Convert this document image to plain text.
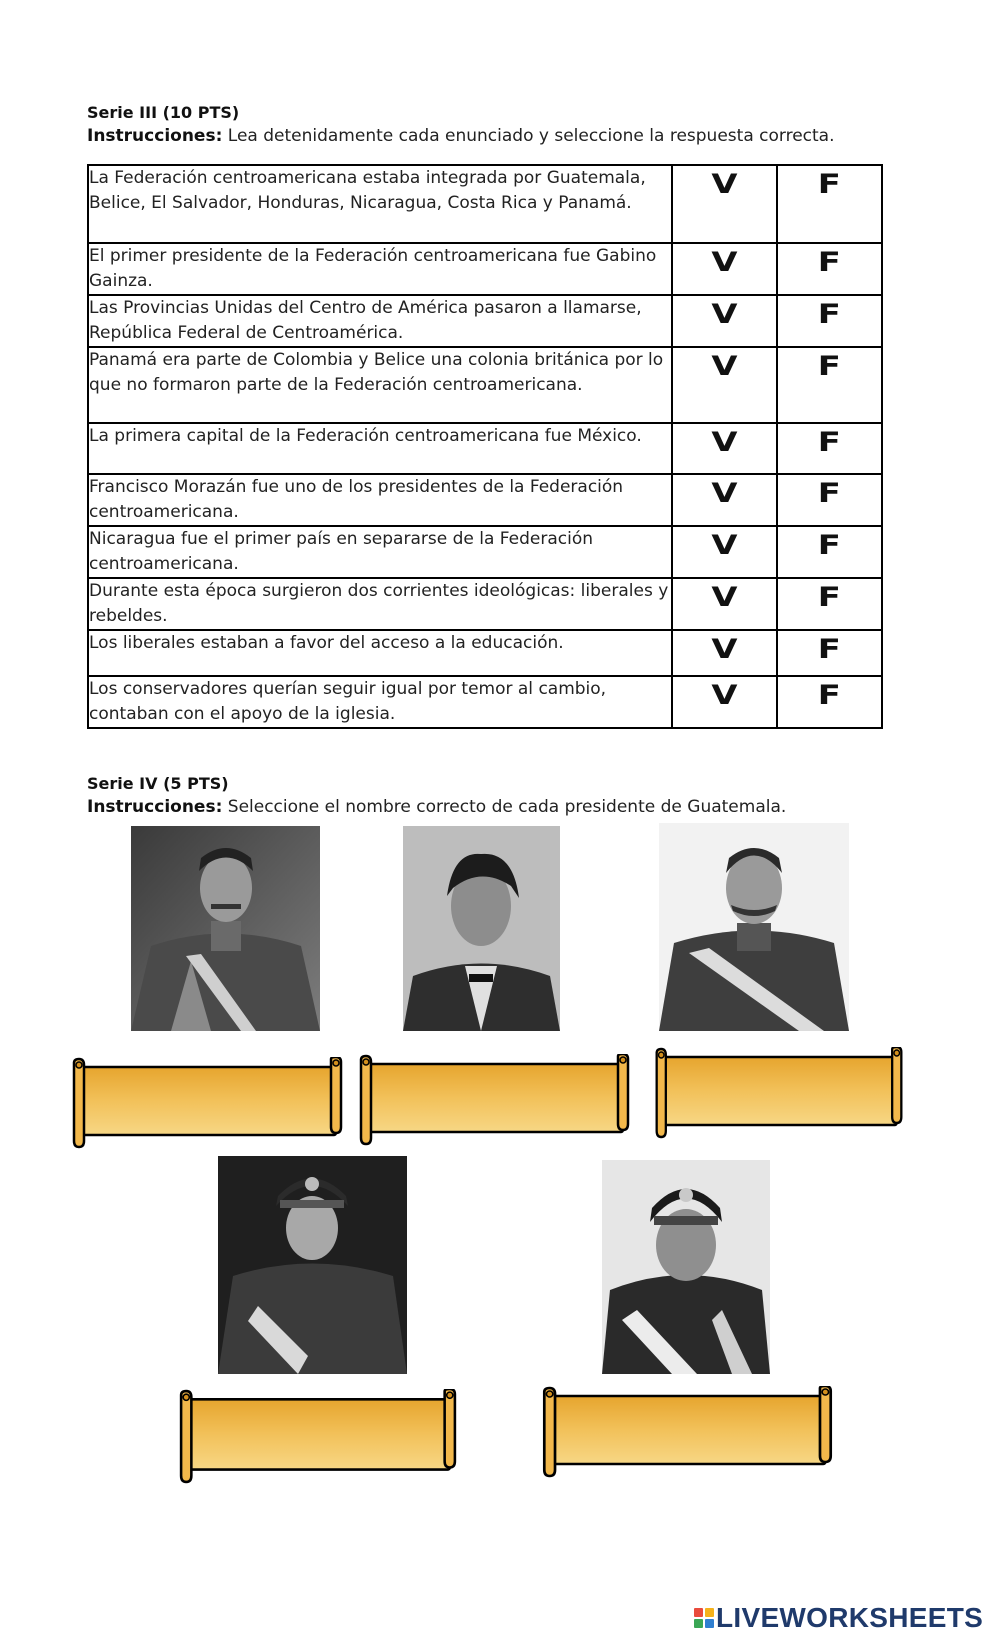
Serie III (10 PTS)
Instrucciones: Lea detenidamente cada enunciado y seleccione la respuesta correcta.
La Federación centroamericana estaba integrada por Guatemala, Belice, El Salvador, Honduras, Nicaragua, Costa Rica y Panamá.	V	F
El primer presidente de la Federación centroamericana fue Gabino Gainza.	V	F
Las Provincias Unidas del Centro de América pasaron a llamarse, República Federal de Centroamérica.	V	F
Panamá era parte de Colombia y Belice una colonia británica por lo que no formaron parte de la Federación centroamericana.	V	F
La primera capital de la Federación centroamericana fue México.	V	F
Francisco Morazán fue uno de los presidentes de la Federación centroamericana.	V	F
Nicaragua fue el primer país en separarse de la Federación centroamericana.	V	F
Durante esta época surgieron dos corrientes ideológicas: liberales y rebeldes.	V	F
Los liberales estaban a favor del acceso a la educación.	V	F
Los conservadores querían seguir igual por temor al cambio, contaban con el apoyo de la iglesia.	V	F
Serie IV (5 PTS)
Instrucciones: Seleccione el nombre correcto de cada presidente de Guatemala.
LIVEWORKSHEETS
